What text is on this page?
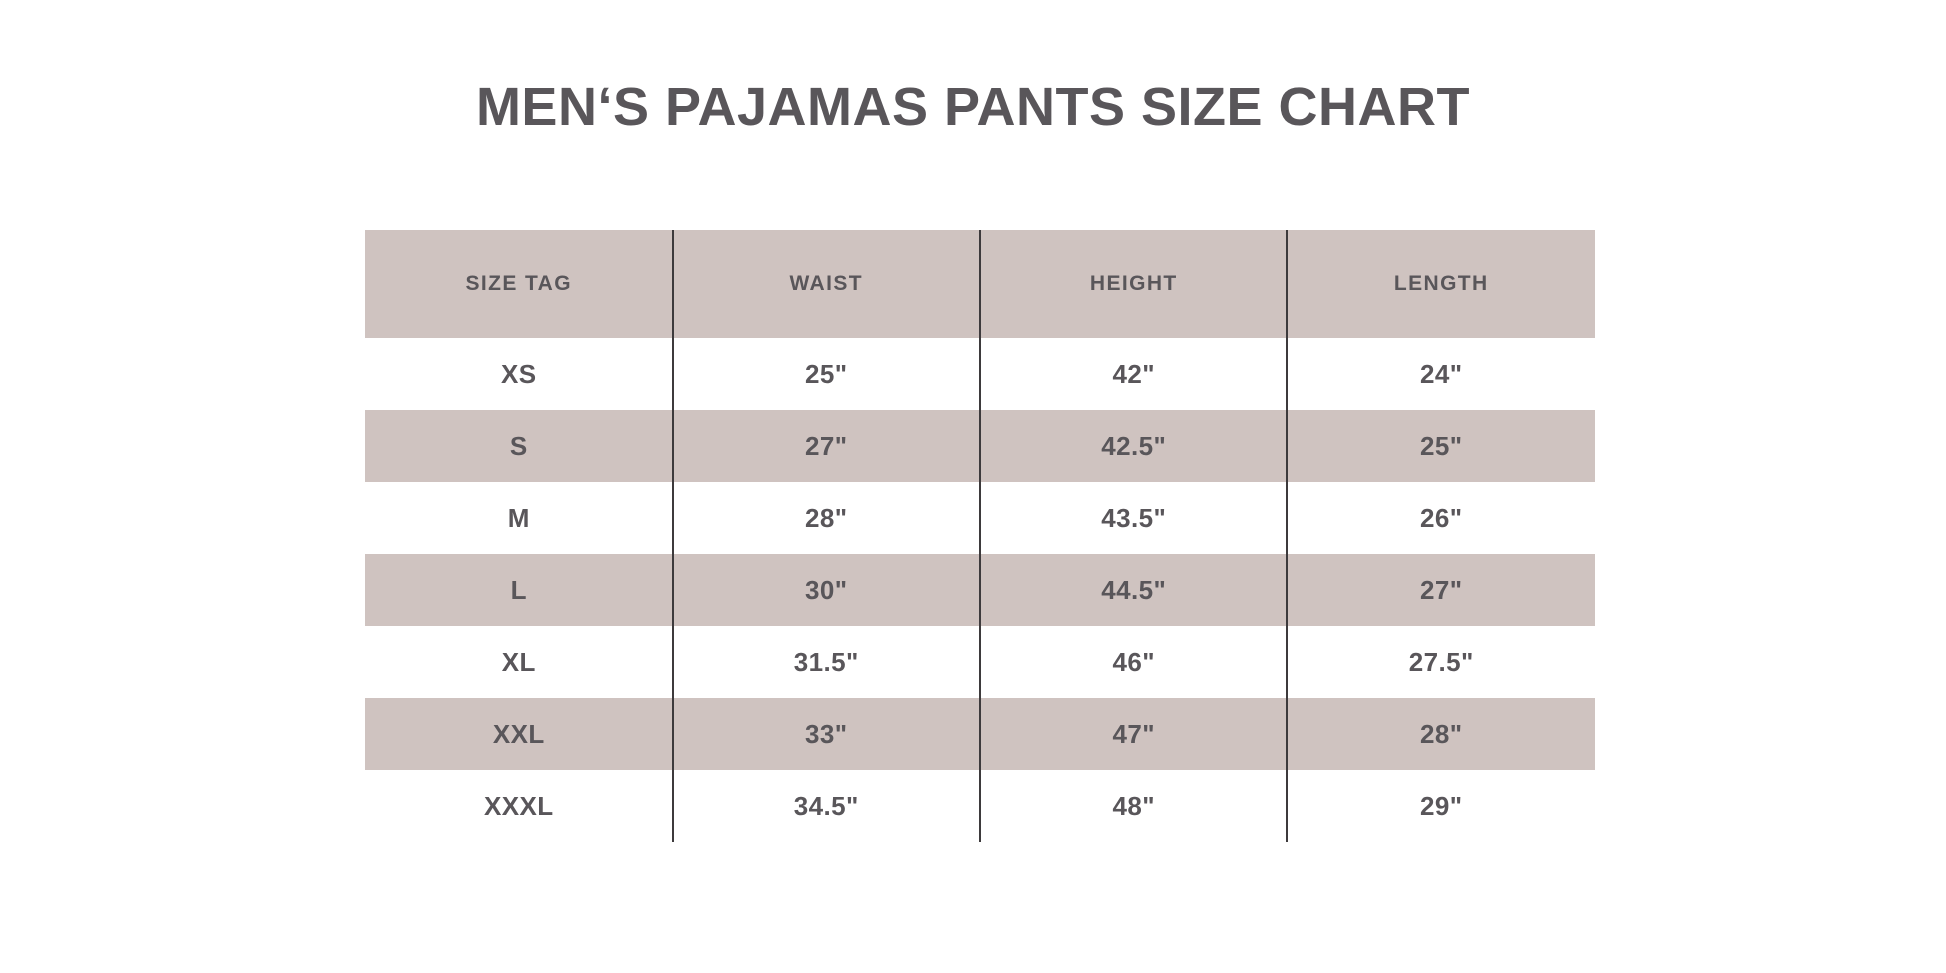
MEN‘S PAJAMAS PANTS SIZE CHART
SIZE TAG	WAIST	HEIGHT	LENGTH
XS	25"	42"	24"
S	27"	42.5"	25"
M	28"	43.5"	26"
L	30"	44.5"	27"
XL	31.5"	46"	27.5"
XXL	33"	47"	28"
XXXL	34.5"	48"	29"
